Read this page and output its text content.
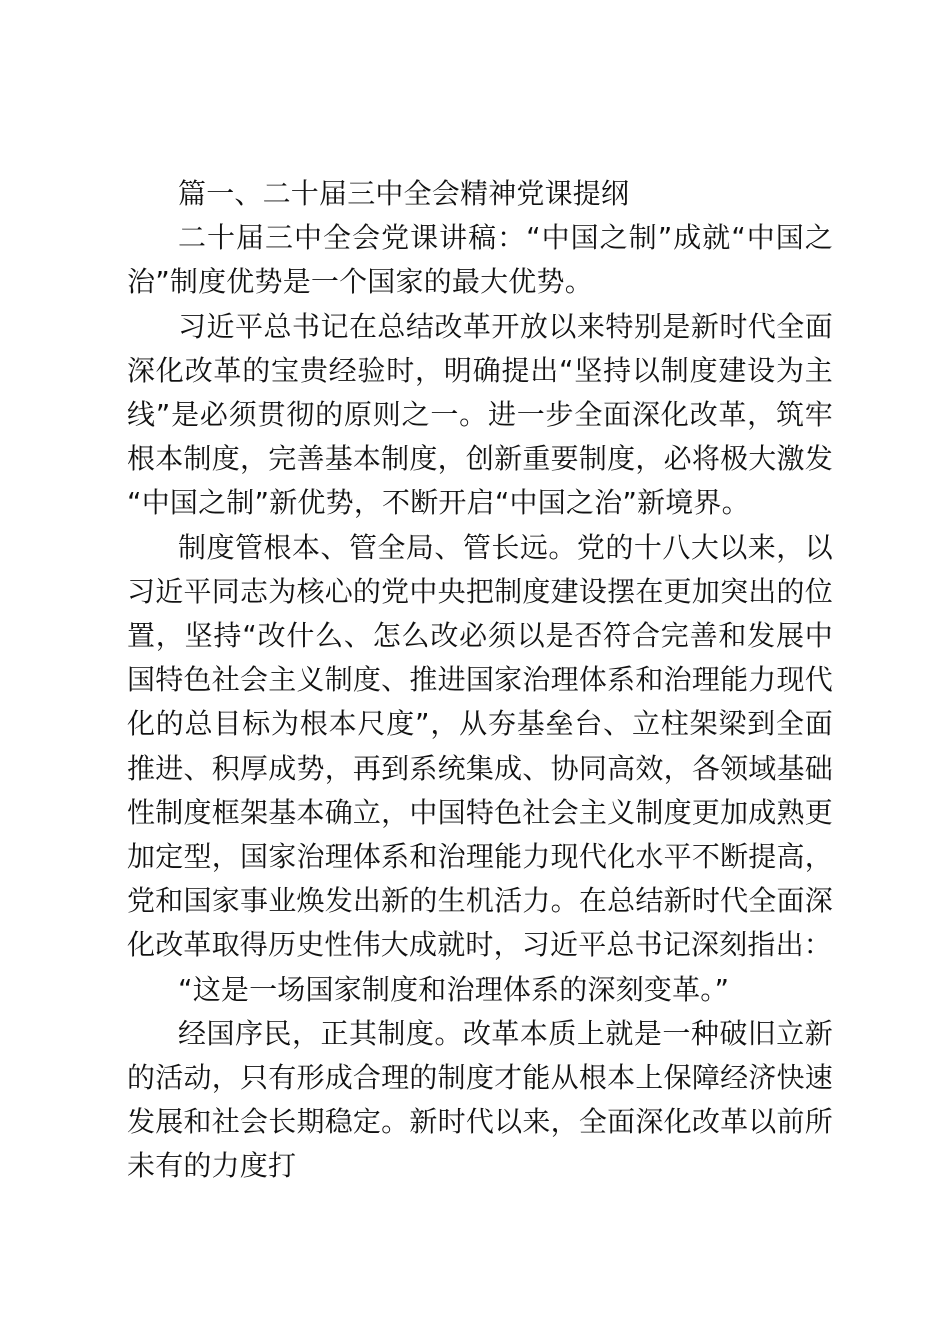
篇一、二十届三中全会精神党课提纲

二十届三中全会党课讲稿：“中国之制”成就“中国之治”制度优势是一个国家的最大优势。

习近平总书记在总结改革开放以来特别是新时代全面深化改革的宝贵经验时，明确提出“坚持以制度建设为主线”是必须贯彻的原则之一。进一步全面深化改革，筑牢根本制度，完善基本制度，创新重要制度，必将极大激发“中国之制”新优势，不断开启“中国之治”新境界。

制度管根本、管全局、管长远。党的十八大以来，以习近平同志为核心的党中央把制度建设摆在更加突出的位置，坚持“改什么、怎么改必须以是否符合完善和发展中国特色社会主义制度、推进国家治理体系和治理能力现代化的总目标为根本尺度”，从夯基垒台、立柱架梁到全面推进、积厚成势，再到系统集成、协同高效，各领域基础性制度框架基本确立，中国特色社会主义制度更加成熟更加定型，国家治理体系和治理能力现代化水平不断提高，党和国家事业焕发出新的生机活力。在总结新时代全面深化改革取得历史性伟大成就时，习近平总书记深刻指出：

“这是一场国家制度和治理体系的深刻变革。”

经国序民，正其制度。改革本质上就是一种破旧立新的活动，只有形成合理的制度才能从根本上保障经济快速发展和社会长期稳定。新时代以来，全面深化改革以前所未有的力度打
